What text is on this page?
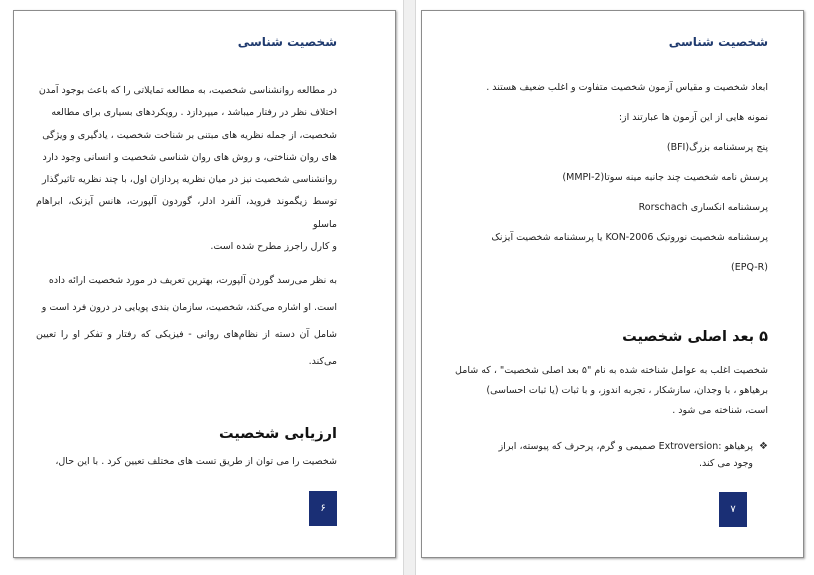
شخصیت شناسی

در مطالعه روانشناسی شخصیت، به مطالعه تمایلاتی را که باعث بوجود آمدن

اختلاف نظر در رفتار میباشد ، میپردازد . رویکردهای بسیاری برای مطالعه

شخصیت، از جمله نظریه های مبتنی بر شناخت شخصیت ، یادگیری و ویژگی

های روان شناختی، و روش های روان شناسی شخصیت و انسانی وجود دارد

روانشناسی شخصیت نیز در میان نظریه پردازان اول، با چند نظریه تاثیرگذار

توسط زیگموند فروید، آلفرد ادلر، گوردون آلپورت، هانس آیزنک، ابراهام ماسلو

و کارل راجرز مطرح شده است.

به نظر می‌رسد گوردن آلپورت، بهترین تعریف در مورد شخصیت ارائه داده

است. او اشاره می‌کند، شخصیت، سازمان بندی پویایی در درون فرد است و

شامل آن دسته از نظام‌های روانی - فیزیکی که رفتار و تفکر او را تعیین می‌کند.

ارزیابی شخصیت

شخصیت را می توان از طریق تست های مختلف تعیین کرد . با این حال،

۶

شخصیت شناسی

ابعاد شخصیت و مقیاس آزمون شخصیت متفاوت و اغلب ضعیف هستند .

نمونه هایی از این آزمون ها عبارتند از:

پنج پرسشنامه بزرگ(BFI)

پرسش نامه شخصیت چند جانبه مینه سوتا(MMPI-2)

پرسشنامه انکساری Rorschach

پرسشنامه شخصیت نوروتیک KON-2006 یا پرسشنامه شخصیت آیزنک

(EPQ-R)

۵ بعد اصلی شخصیت

شخصیت اغلب به عوامل شناخته شده به نام "۵ بعد اصلی شخصیت" ، که شامل

برهیاهو ، با وجدان، سازشکار ، تجربه اندوز، و با ثبات (یا ثبات احساسی)

است، شناخته می شود .

❖

پرهیاهو :Extroversion صمیمی و گرم، پرحرف که پیوسته، ابراز

وجود می کند.

۷
